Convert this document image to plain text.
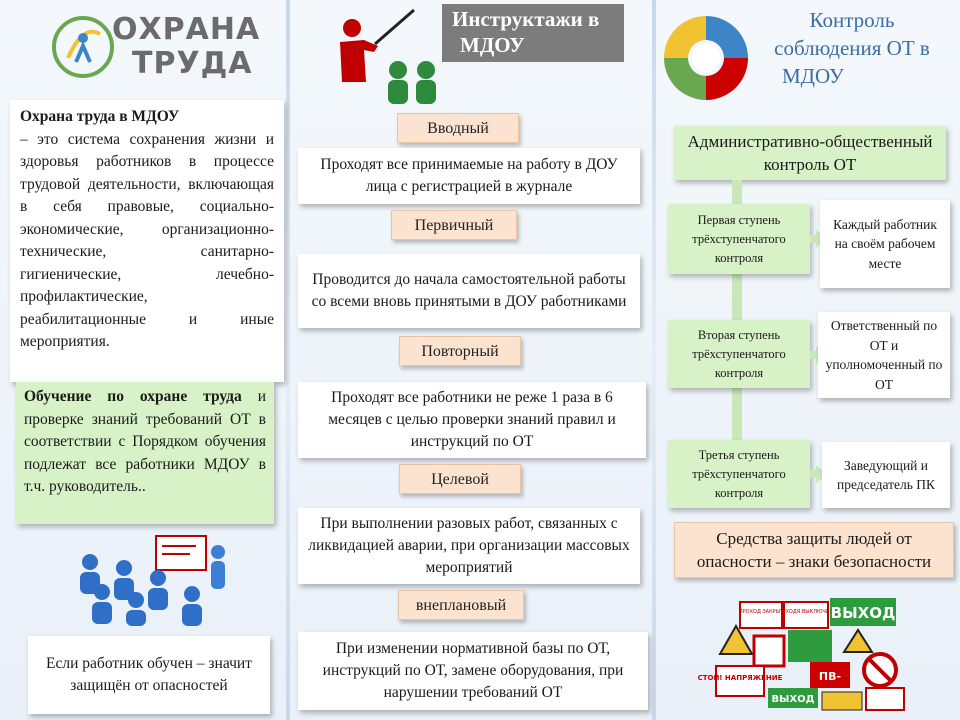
ОХРАНА
ТРУДА
Охрана труда в МДОУ
– это система сохранения жизни и здоровья работников в процессе трудовой деятельности, включающая в себя правовые, социально-экономические, организационно-технические, санитарно-гигиенические, лечебно-профилактические, реабилитационные и иные мероприятия.
Обучение по охране труда и проверке знаний требований ОТ в соответствии с Порядком обучения подлежат все работники МДОУ в т.ч. руководитель..
Если работник обучен – значит защищён от опасностей
Инструктажи в
МДОУ
Вводный
Проходят все принимаемые на работу в ДОУ лица с регистрацией в журнале
Первичный
Проводится до начала самостоятельной работы со всеми вновь принятыми в ДОУ работниками
Повторный
Проходят все работники не реже 1 раза в 6 месяцев с целью проверки знаний правил и инструкций по ОТ
Целевой
При выполнении разовых работ, связанных с ликвидацией аварии, при организации массовых мероприятий
внеплановый
При изменении нормативной базы по ОТ, инструкций по ОТ, замене оборудования, при нарушении требований ОТ
Контроль
соблюдения ОТ в
МДОУ
Административно-общественный контроль ОТ
Первая ступень трёхступенчатого контроля
Каждый работник на своём рабочем месте
Вторая ступень трёхступенчатого контроля
Ответственный по ОТ и уполномоченный по ОТ
Третья ступень трёхступенчатого контроля
Заведующий и председатель ПК
Средства защиты людей от опасности – знаки безопасности
ПРОХОД ЗАКРЫТ УХОДЯ ВЫКЛЮЧИ ВЫХОД
СТОЙ! НАПРЯЖЕНИЕ	ПВ-
ВЫХОД
